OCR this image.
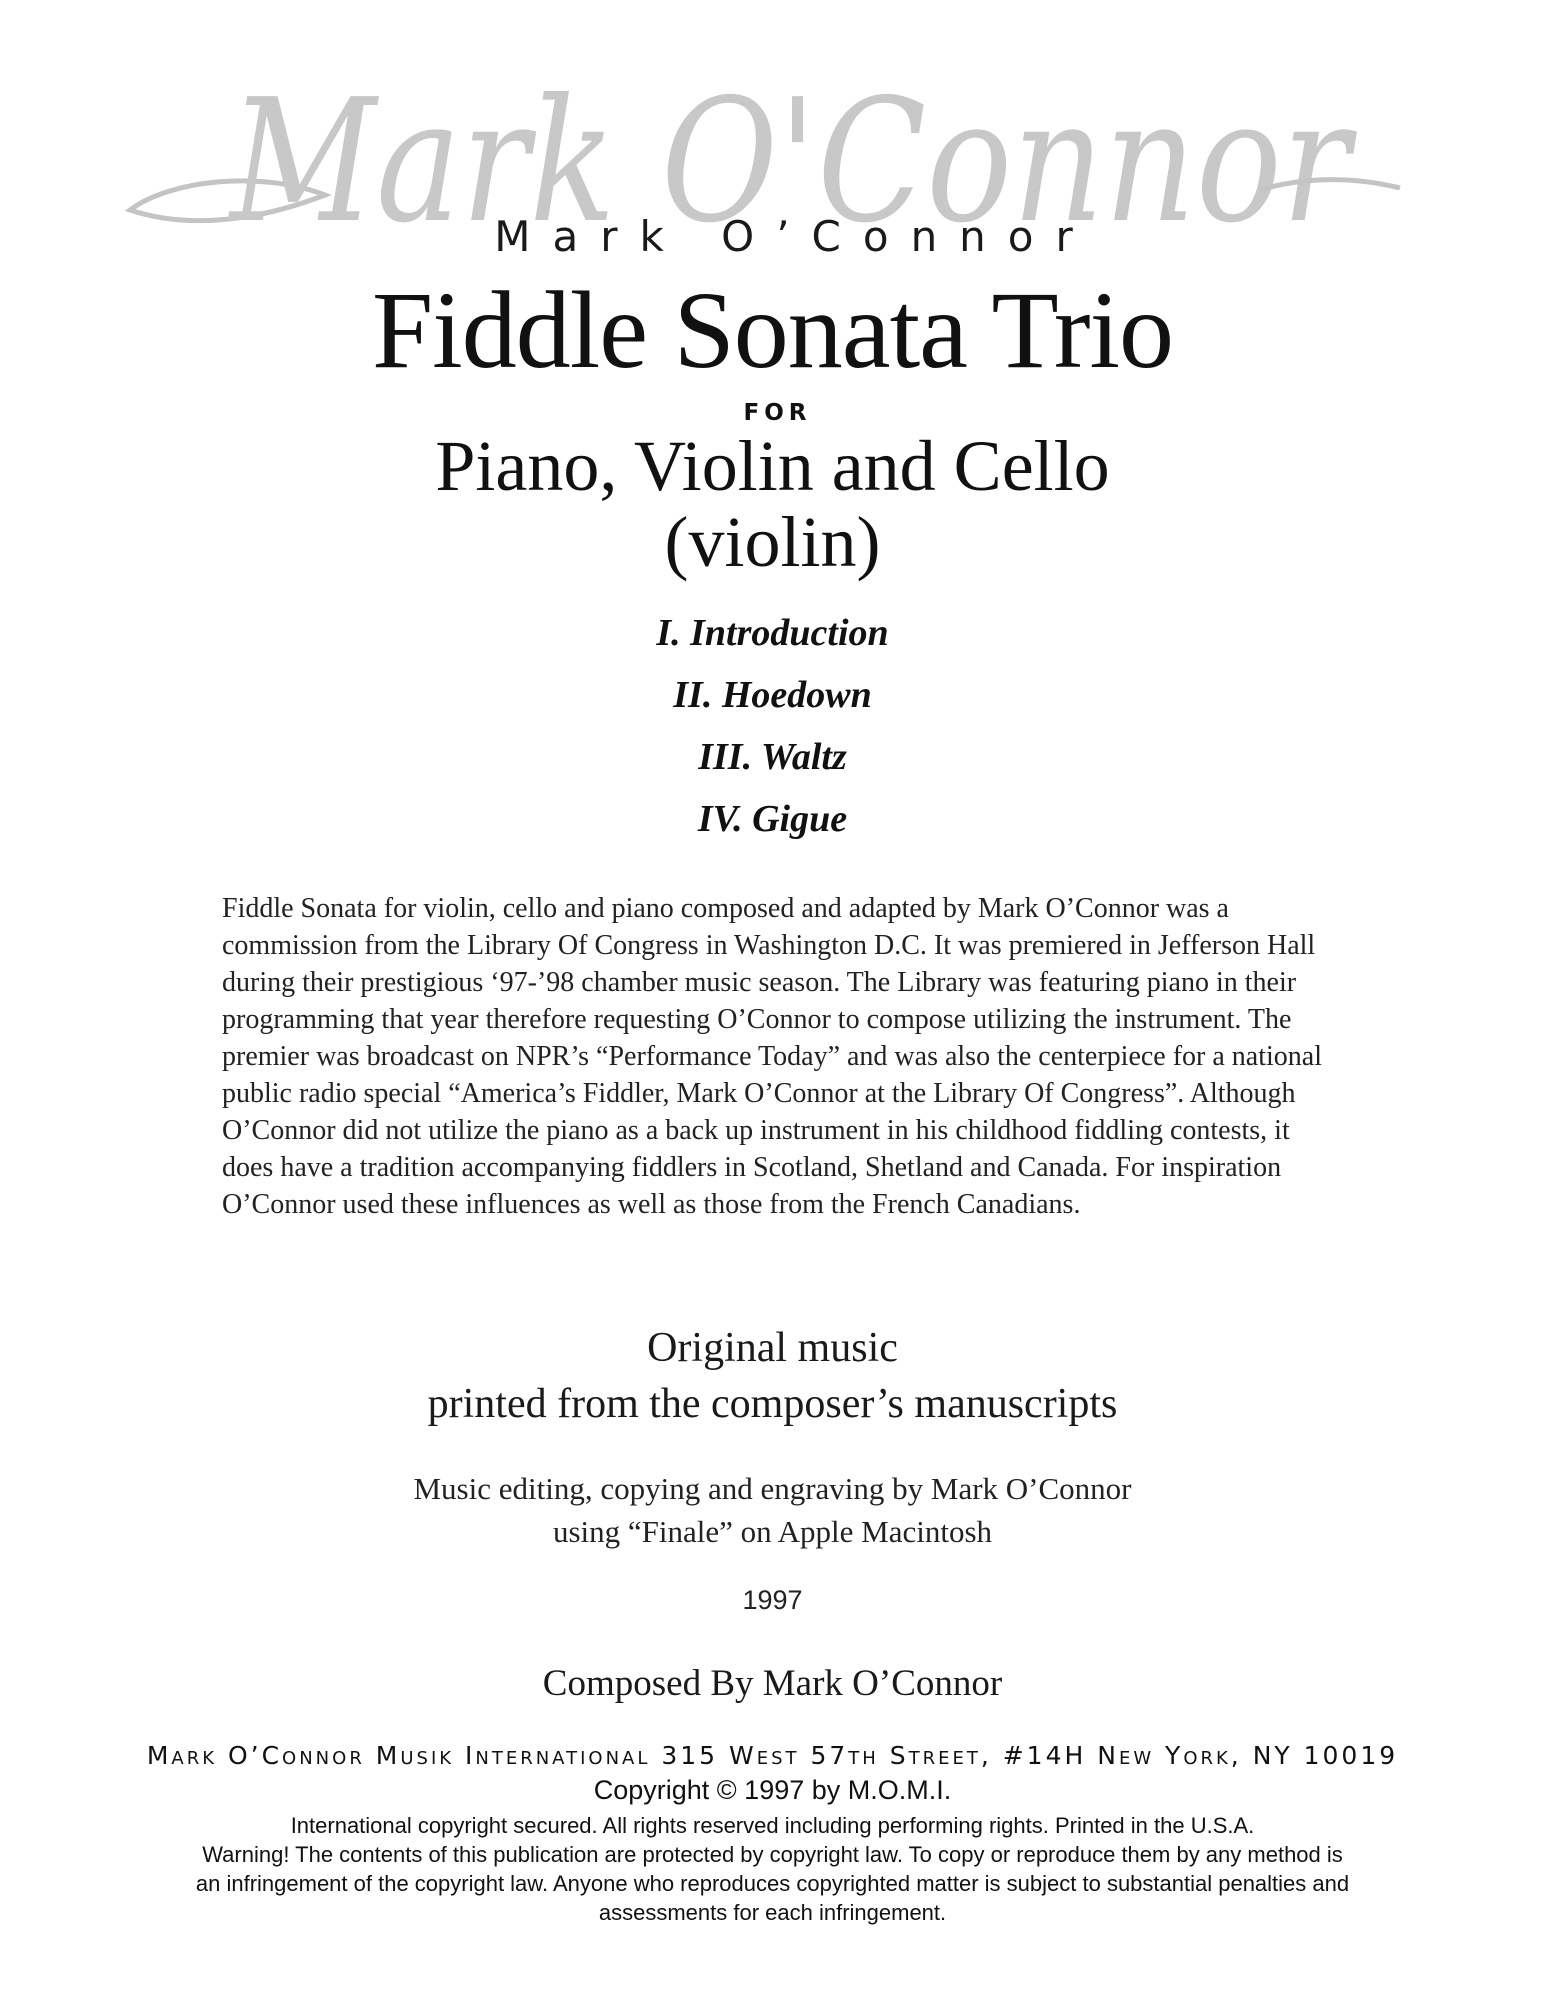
Mark O'Connor
Mark O’Connor
Fiddle Sonata Trio
FOR
Piano, Violin and Cello
(violin)
I. Introduction
II. Hoedown
III. Waltz
IV. Gigue

Fiddle Sonata for violin, cello and piano composed and adapted by Mark O’Connor was a commission from the Library Of Congress in Washington D.C. It was premiered in Jefferson Hall during their prestigious ‘97-’98 chamber music season. The Library was featuring piano in their programming that year therefore requesting O’Connor to compose utilizing the instrument. The premier was broadcast on NPR’s “Performance Today” and was also the centerpiece for a national public radio special “America’s Fiddler, Mark O’Connor at the Library Of Congress”. Although O’Connor did not utilize the piano as a back up instrument in his childhood fiddling contests, it does have a tradition accompanying fiddlers in Scotland, Shetland and Canada. For inspiration O’Connor used these influences as well as those from the French Canadians.

Original music
printed from the composer’s manuscripts
Music editing, copying and engraving by Mark O’Connor
using “Finale” on Apple Macintosh
1997
Composed By Mark O’Connor
Mark O’Connor Musik International 315 West 57th Street, #14H New York, NY 10019
Copyright © 1997 by M.O.M.I.
International copyright secured. All rights reserved including performing rights. Printed in the U.S.A.
Warning! The contents of this publication are protected by copyright law. To copy or reproduce them by any method is
an infringement of the copyright law. Anyone who reproduces copyrighted matter is subject to substantial penalties and
assessments for each infringement.
